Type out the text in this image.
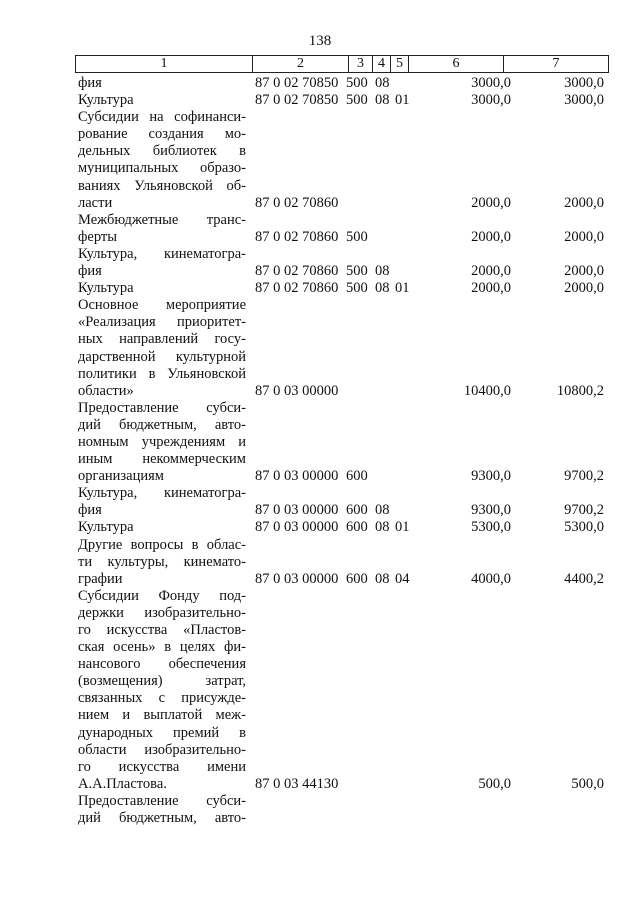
138
1	2	3	4 5	6	7
фия	87 0 02 70850 500 08	3000,0	3000,0
Культура	87 0 02 70850 500 08 01	3000,0	3000,0
Субсидии на софинанси-
рование создания мо-
дельных библиотек в
муниципальных образо-
ваниях Ульяновской об-
ласти	87 0 02 70860	2000,0	2000,0
Межбюджетные транс-
ферты	87 0 02 70860 500	2000,0	2000,0
Культура, кинематогра-
фия	87 0 02 70860 500 08	2000,0	2000,0
Культура	87 0 02 70860 500 08 01	2000,0	2000,0
Основное мероприятие
«Реализация приоритет-
ных направлений госу-
дарственной культурной
политики в Ульяновской
области»	87 0 03 00000	10400,0	10800,2
Предоставление субси-
дий бюджетным, авто-
номным учреждениям и
иным некоммерческим
организациям	87 0 03 00000 600	9300,0	9700,2
Культура, кинематогра-
фия	87 0 03 00000 600 08	9300,0	9700,2
Культура	87 0 03 00000 600 08 01	5300,0	5300,0
Другие вопросы в облас-
ти культуры, кинемато-
графии	87 0 03 00000 600 08 04	4000,0	4400,2
Субсидии Фонду под-
держки изобразительно-
го искусства «Пластов-
ская осень» в целях фи-
нансового обеспечения
(возмещения) затрат,
связанных с присужде-
нием и выплатой меж-
дународных премий в
области изобразительно-
го искусства имени
А.А.Пластова.	87 0 03 44130	500,0	500,0
Предоставление субси-
дий бюджетным, авто-
